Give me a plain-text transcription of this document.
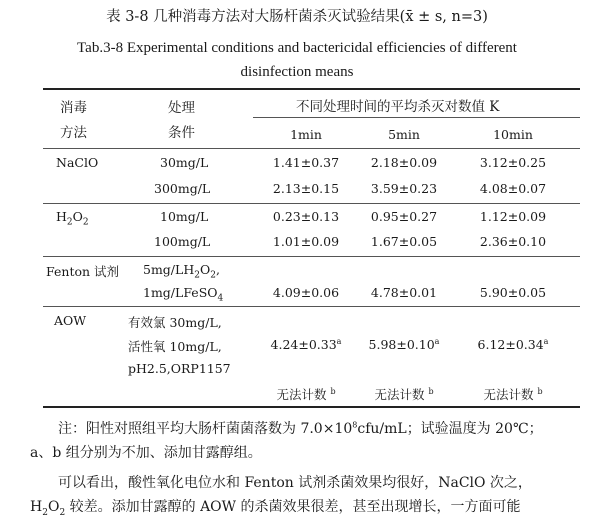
表 3-8 几种消毒方法对大肠杆菌杀灭试验结果(x̄ ± s, n=3)
Tab.3-8 Experimental conditions and bactericidal efficiencies of different
disinfection means
消毒
方法
处理
条件
不同处理时间的平均杀灭对数值 K
1min	5min	10min
NaClO	30mg/L	1.41±0.37	2.18±0.09	3.12±0.25
300mg/L	2.13±0.15	3.59±0.23	4.08±0.07
$H_2O_2$	10mg/L	0.23±0.13	0.95±0.27	1.12±0.09
100mg/L	1.01±0.09	1.67±0.05	2.36±0.10
Fenton 试剂 $5mg/LH_2O_2$,
1mg/LFeSO$_4$	4.09±0.06	4.78±0.01	5.90±0.05
AOW	有效氯 30mg/L,
活性氧 10mg/L,
pH2.5,ORP1157
4.24±0.33$^a$	5.98±0.10$^a$	6.12±0.34$^a$
无法计数 $^b$	无法计数 $^b$	无法计数 $^b$
注：阳性对照组平均大肠杆菌菌落数为 $7.0\times 10^8cfu/mL$；试验温度为 20℃；
a、b 组分别为不加、添加甘露醇组。
可以看出，酸性氧化电位水和 Fenton 试剂杀菌效果均很好，NaClO 次之，
$H_2O_2$ 较差。添加甘露醇的 AOW 的杀菌效果很差，甚至出现增长，一方面可能
